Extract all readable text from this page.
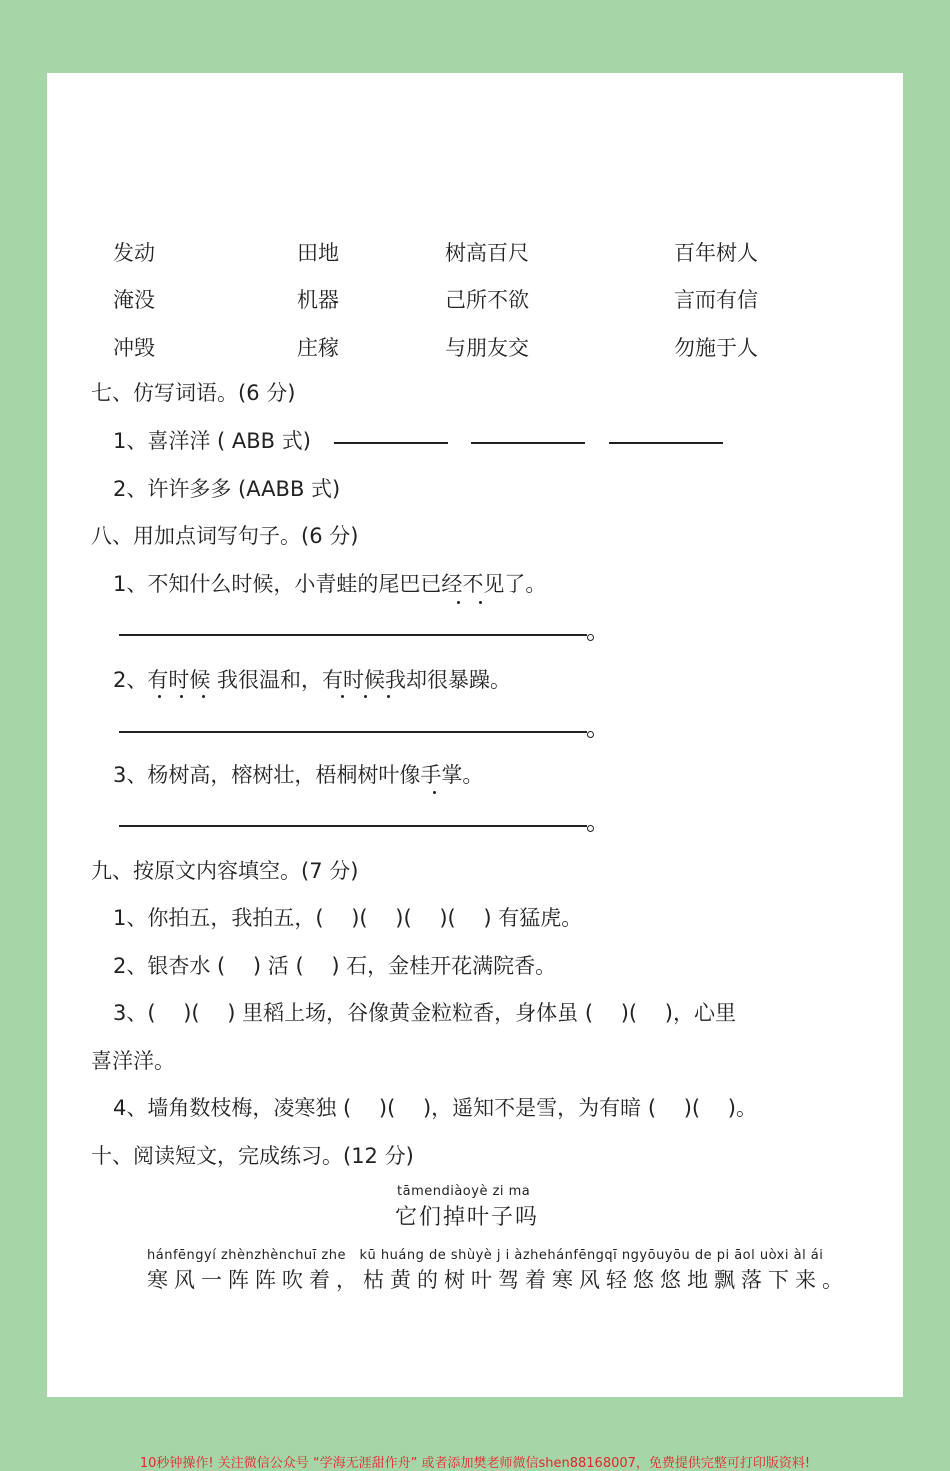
发动	田地	树高百尺	百年树人
淹没	机器	己所不欲	言而有信
冲毁	庄稼	与朋友交	勿施于人
七、仿写词语。(6 分)
1、喜洋洋 ( ABB 式)
2、许许多多 (AABB 式)
八、用加点词写句子。(6 分)
1、不知什么时候，小青蛙的尾巴已经不见了。
2、有时候 我很温和，有时候我却很暴躁。
3、杨树高，榕树壮，梧桐树叶像手掌。
九、按原文内容填空。(7 分)
1、你拍五，我拍五，(　 )(　 )(　 )(　 ) 有猛虎。
2、银杏水 (　 ) 活 (　 ) 石，金桂开花满院香。
3、(　 )(　 ) 里稻上场，谷像黄金粒粒香，身体虽 (　 )(　 )，心里
喜洋洋。
4、墙角数枝梅，凌寒独 (　 )(　 )，遥知不是雪，为有暗 (　 )(　 )。
十、阅读短文，完成练习。(12 分)
tāmendiàoyè zi ma
它们掉叶子吗
hánfēngyí zhènzhènchuī zhe kū huáng de shùyè j i àzhehánfēngqī ngyōuyōu de pi āol uòxi àl ái
寒风一阵阵吹着，枯黄的树叶驾着寒风轻悠悠地飘落下来。
10秒钟操作! 关注微信公众号 “学海无涯甜作舟” 或者添加樊老师微信shen88168007，免费提供完整可打印版资料!
